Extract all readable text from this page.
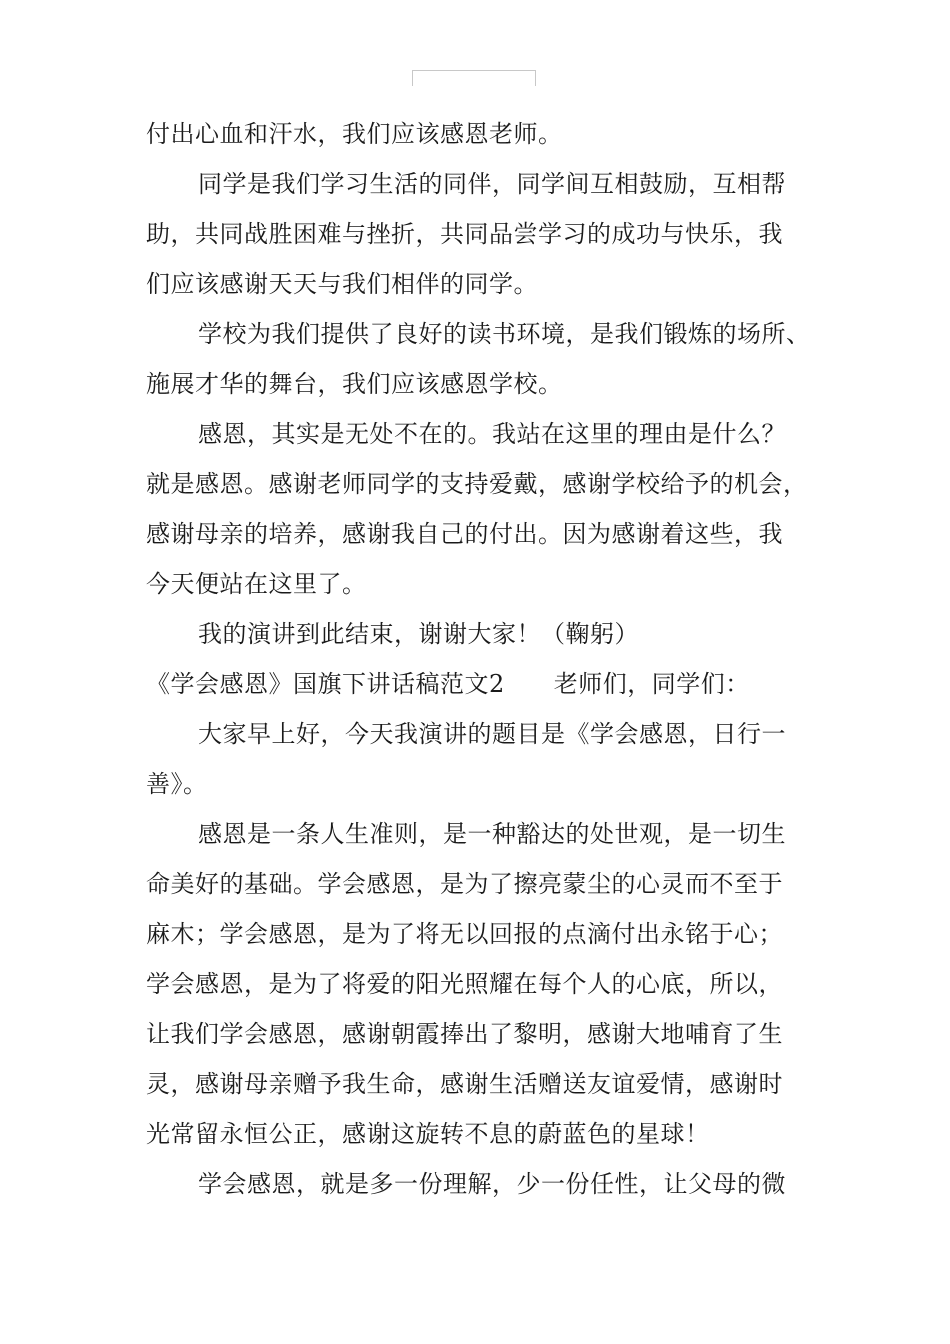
付出心血和汗水，我们应该感恩老师。
同学是我们学习生活的同伴，同学间互相鼓励，互相帮
助，共同战胜困难与挫折，共同品尝学习的成功与快乐，我
们应该感谢天天与我们相伴的同学。
学校为我们提供了良好的读书环境，是我们锻炼的场所、
施展才华的舞台，我们应该感恩学校。
感恩，其实是无处不在的。我站在这里的理由是什么？
就是感恩。感谢老师同学的支持爱戴，感谢学校给予的机会，
感谢母亲的培养，感谢我自己的付出。因为感谢着这些，我
今天便站在这里了。
我的演讲到此结束，谢谢大家！（鞠躬）
《学会感恩》国旗下讲话稿范文2　　老师们，同学们：
大家早上好，今天我演讲的题目是《学会感恩，日行一
善》。
感恩是一条人生准则，是一种豁达的处世观，是一切生
命美好的基础。学会感恩，是为了擦亮蒙尘的心灵而不至于
麻木；学会感恩，是为了将无以回报的点滴付出永铭于心；
学会感恩，是为了将爱的阳光照耀在每个人的心底，所以，
让我们学会感恩，感谢朝霞捧出了黎明，感谢大地哺育了生
灵，感谢母亲赠予我生命，感谢生活赠送友谊爱情，感谢时
光常留永恒公正，感谢这旋转不息的蔚蓝色的星球！
学会感恩，就是多一份理解，少一份任性，让父母的微
